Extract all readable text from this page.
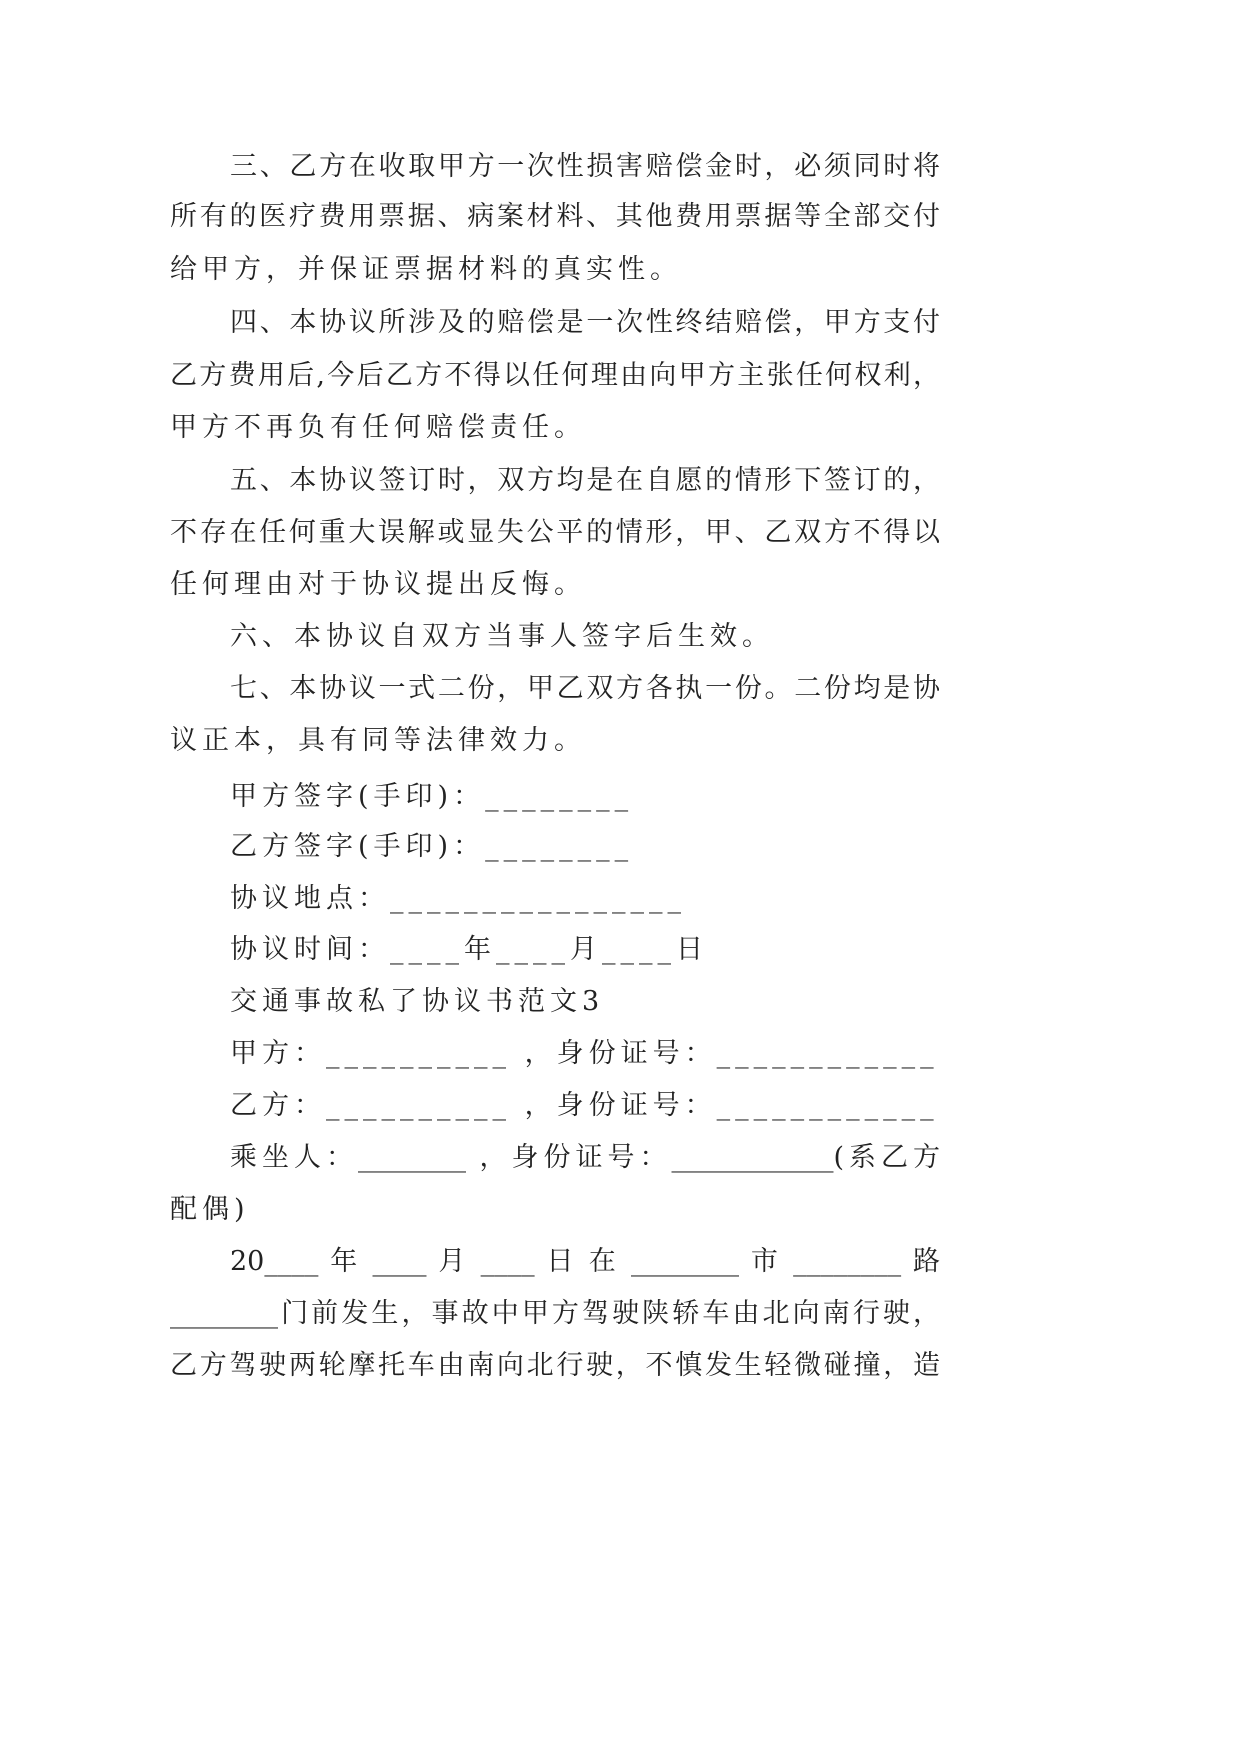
三、乙方在收取甲方一次性损害赔偿金时，必须同时将
所有的医疗费用票据、病案材料、其他费用票据等全部交付
给甲方，并保证票据材料的真实性。
四、本协议所涉及的赔偿是一次性终结赔偿，甲方支付
乙方费用后,今后乙方不得以任何理由向甲方主张任何权利，
甲方不再负有任何赔偿责任。
五、本协议签订时，双方均是在自愿的情形下签订的，
不存在任何重大误解或显失公平的情形，甲、乙双方不得以
任何理由对于协议提出反悔。
六、本协议自双方当事人签字后生效。
七、本协议一式二份，甲乙双方各执一份。二份均是协
议正本，具有同等法律效力。
甲方签字(手印)：________
乙方签字(手印)：________
协议地点：________________
协议时间：____年____月____日
交通事故私了协议书范文3
甲方：__________ ，身份证号：____________
乙方：__________ ，身份证号：____________
乘坐人：________ ，身份证号：____________(系乙方
配偶)
20____ 年 ____ 月 ____ 日 在 ________ 市 ________ 路
________门前发生，事故中甲方驾驶陕轿车由北向南行驶，
乙方驾驶两轮摩托车由南向北行驶，不慎发生轻微碰撞，造
